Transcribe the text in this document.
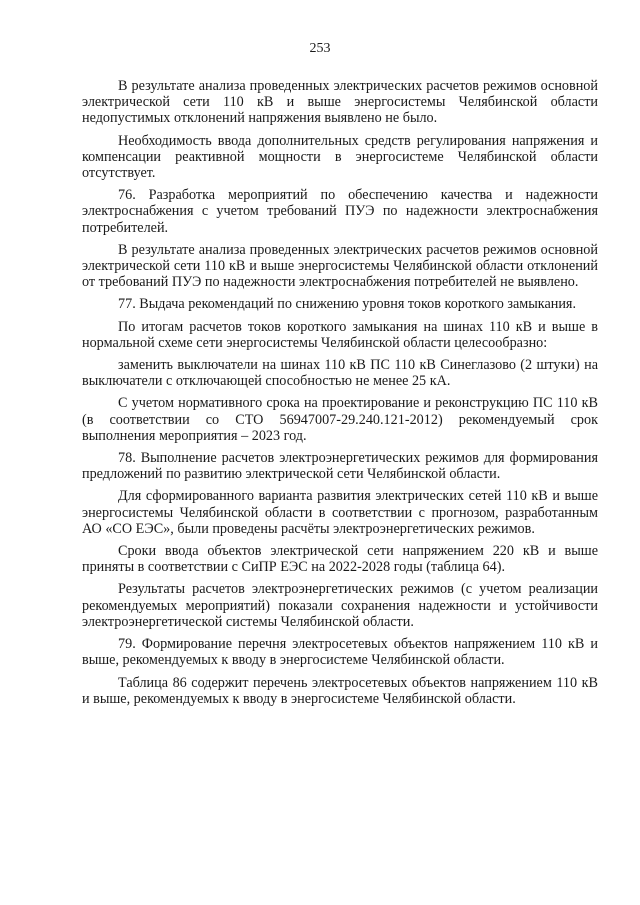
253

В результате анализа проведенных электрических расчетов режимов основной электрической сети 110 кВ и выше энергосистемы Челябинской области недопустимых отклонений напряжения выявлено не было.

Необходимость ввода дополнительных средств регулирования напряжения и компенсации реактивной мощности в энергосистеме Челябинской области отсутствует.

76. Разработка мероприятий по обеспечению качества и надежности электроснабжения с учетом требований ПУЭ по надежности электроснабжения потребителей.

В результате анализа проведенных электрических расчетов режимов основной электрической сети 110 кВ и выше энергосистемы Челябинской области отклонений от требований ПУЭ по надежности электроснабжения потребителей не выявлено.

77. Выдача рекомендаций по снижению уровня токов короткого замыкания.

По итогам расчетов токов короткого замыкания на шинах 110 кВ и выше в нормальной схеме сети энергосистемы Челябинской области целесообразно:

заменить выключатели на шинах 110 кВ ПС 110 кВ Синеглазово (2 штуки) на выключатели с отключающей способностью не менее 25 кА.

С учетом нормативного срока на проектирование и реконструкцию ПС 110 кВ (в соответствии со СТО 56947007-29.240.121-2012) рекомендуемый срок выполнения мероприятия – 2023 год.

78. Выполнение расчетов электроэнергетических режимов для формирования предложений по развитию электрической сети Челябинской области.

Для сформированного варианта развития электрических сетей 110 кВ и выше энергосистемы Челябинской области в соответствии с прогнозом, разработанным АО «СО ЕЭС», были проведены расчёты электроэнергетических режимов.

Сроки ввода объектов электрической сети напряжением 220 кВ и выше приняты в соответствии с СиПР ЕЭС на 2022-2028 годы (таблица 64).

Результаты расчетов электроэнергетических режимов (с учетом реализации рекомендуемых мероприятий) показали сохранения надежности и устойчивости электроэнергетической системы Челябинской области.

79. Формирование перечня электросетевых объектов напряжением 110 кВ и выше, рекомендуемых к вводу в энергосистеме Челябинской области.

Таблица 86 содержит перечень электросетевых объектов напряжением 110 кВ и выше, рекомендуемых к вводу в энергосистеме Челябинской области.
